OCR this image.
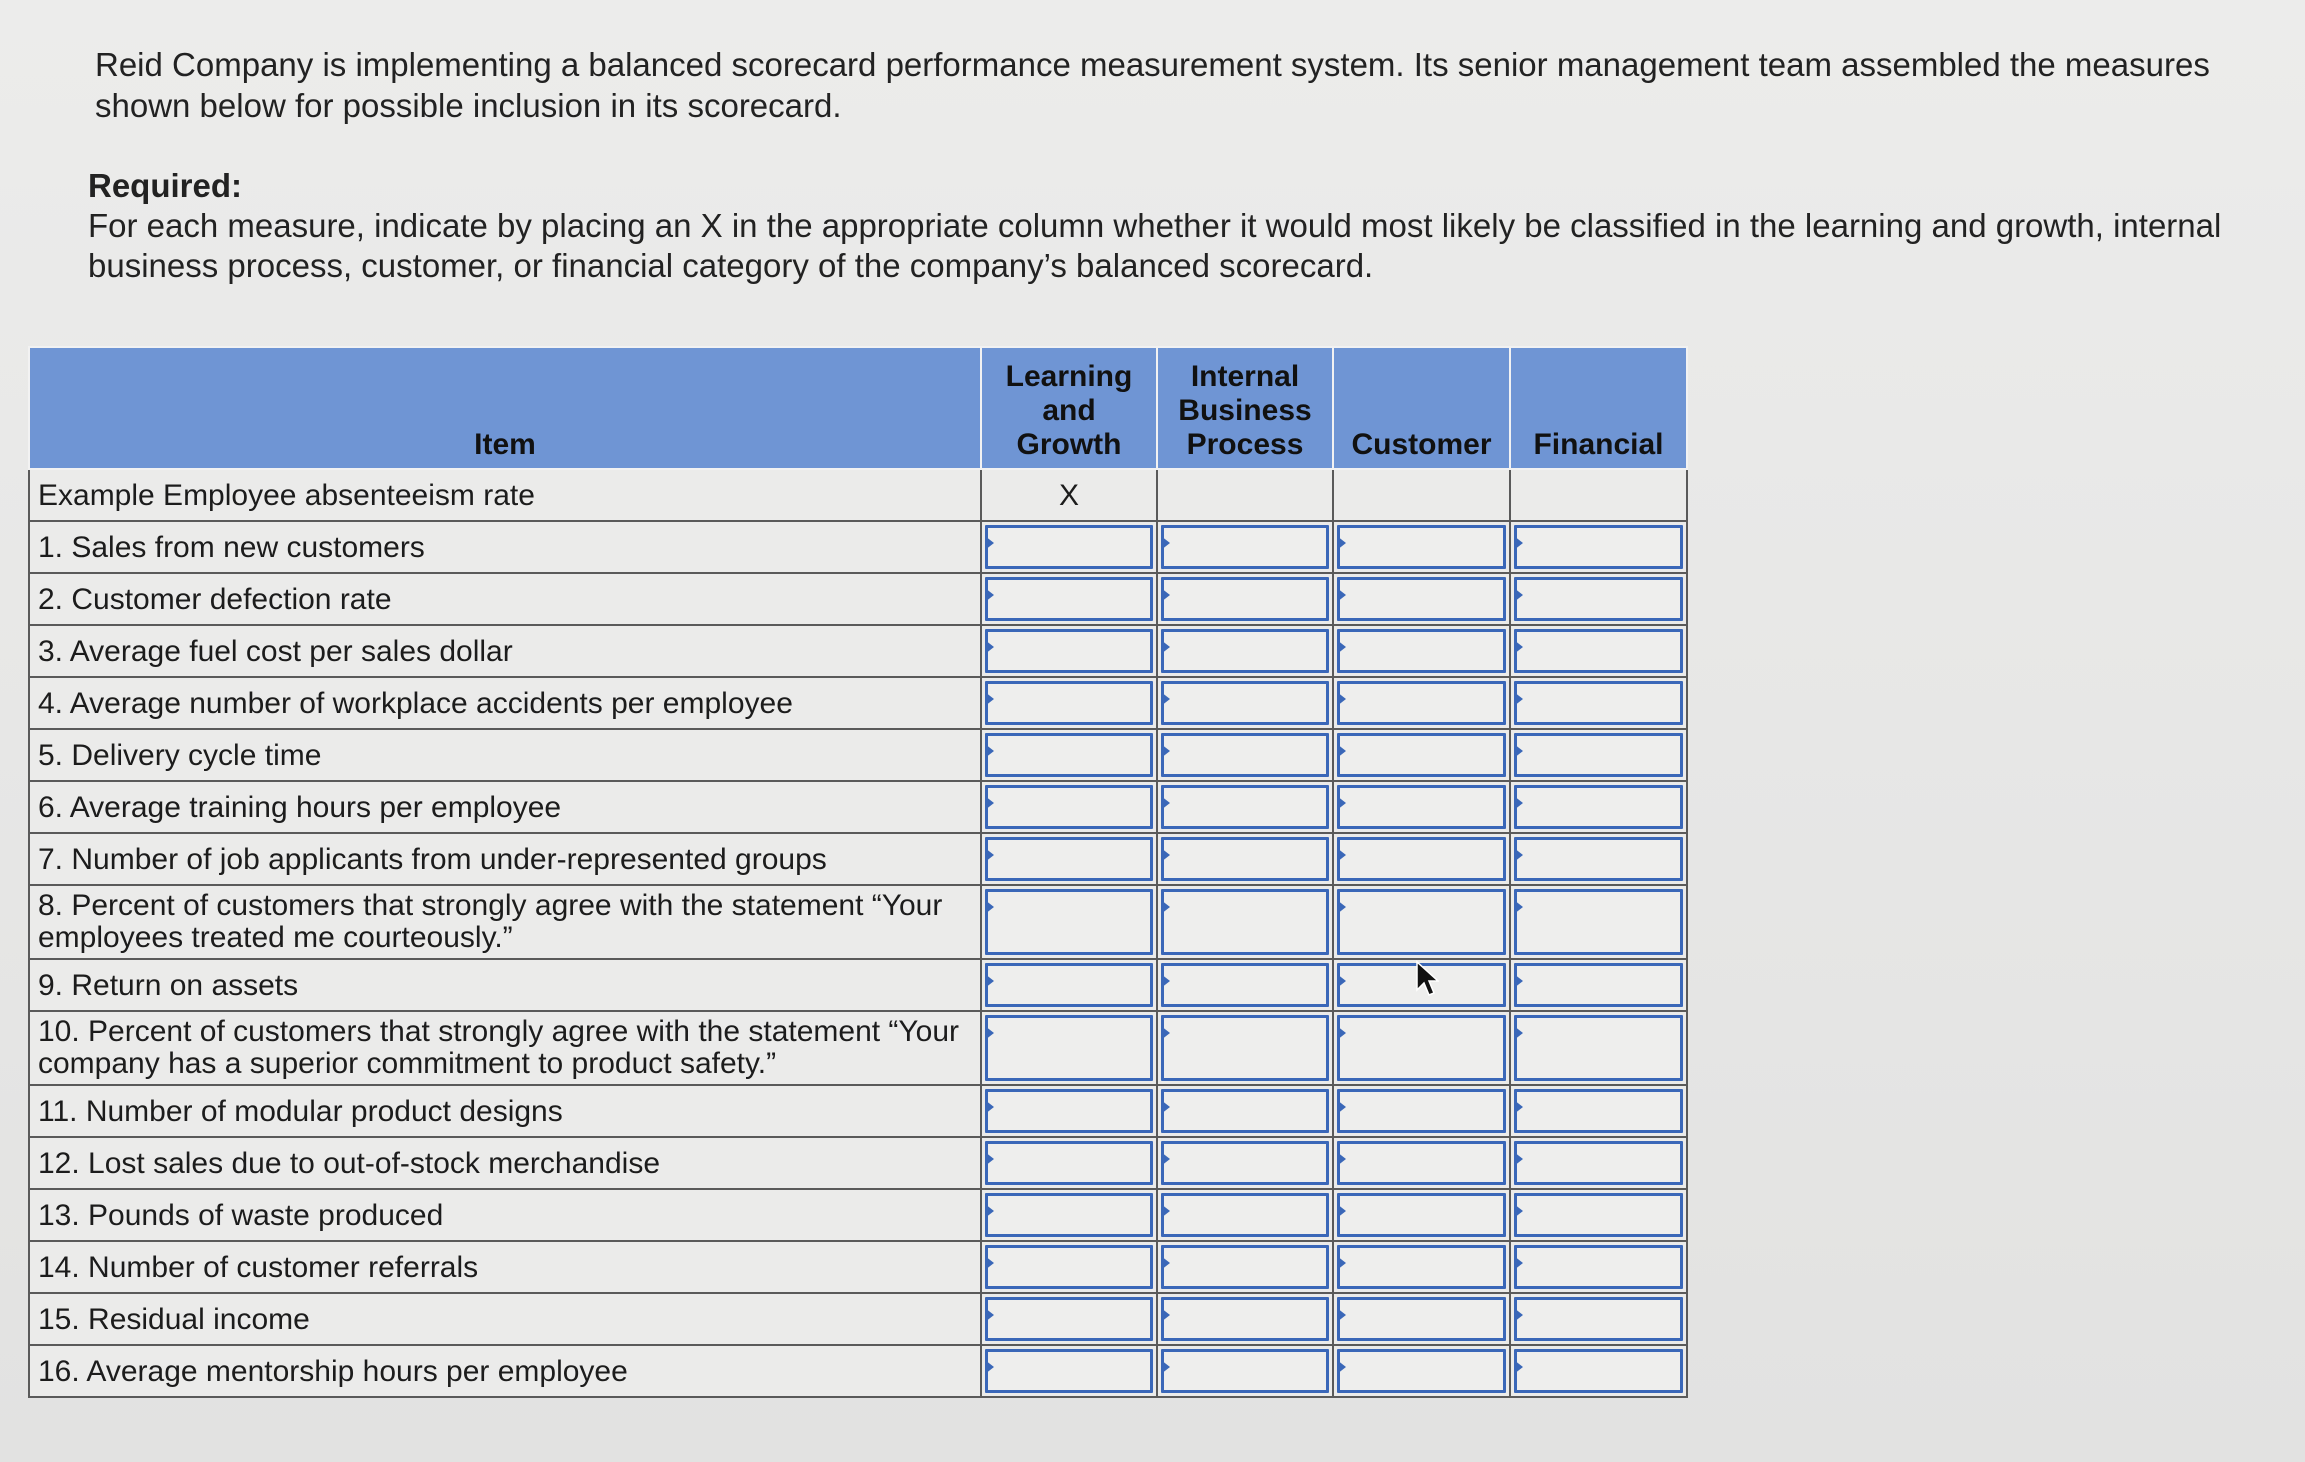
Reid Company is implementing a balanced scorecard performance measurement system. Its senior management team assembled the measures shown below for possible inclusion in its scorecard.
Required:
For each measure, indicate by placing an X in the appropriate column whether it would most likely be classified in the learning and growth, internal business process, customer, or financial category of the company’s balanced scorecard.
Item	Learning and Growth	Internal Business Process	Customer	Financial
Example Employee absenteeism rate	X			
1. Sales from new customers	

2. Customer defection rate	

3. Average fuel cost per sales dollar	

4. Average number of workplace accidents per employee	

5. Delivery cycle time	

6. Average training hours per employee	

7. Number of job applicants from under-represented groups	

8. Percent of customers that strongly agree with the statement “Your employees treated me courteously.”	

9. Return on assets	

10. Percent of customers that strongly agree with the statement “Your company has a superior commitment to product safety.”	

11. Number of modular product designs	

12. Lost sales due to out-of-stock merchandise	

13. Pounds of waste produced	

14. Number of customer referrals	

15. Residual income	

16. Average mentorship hours per employee	
